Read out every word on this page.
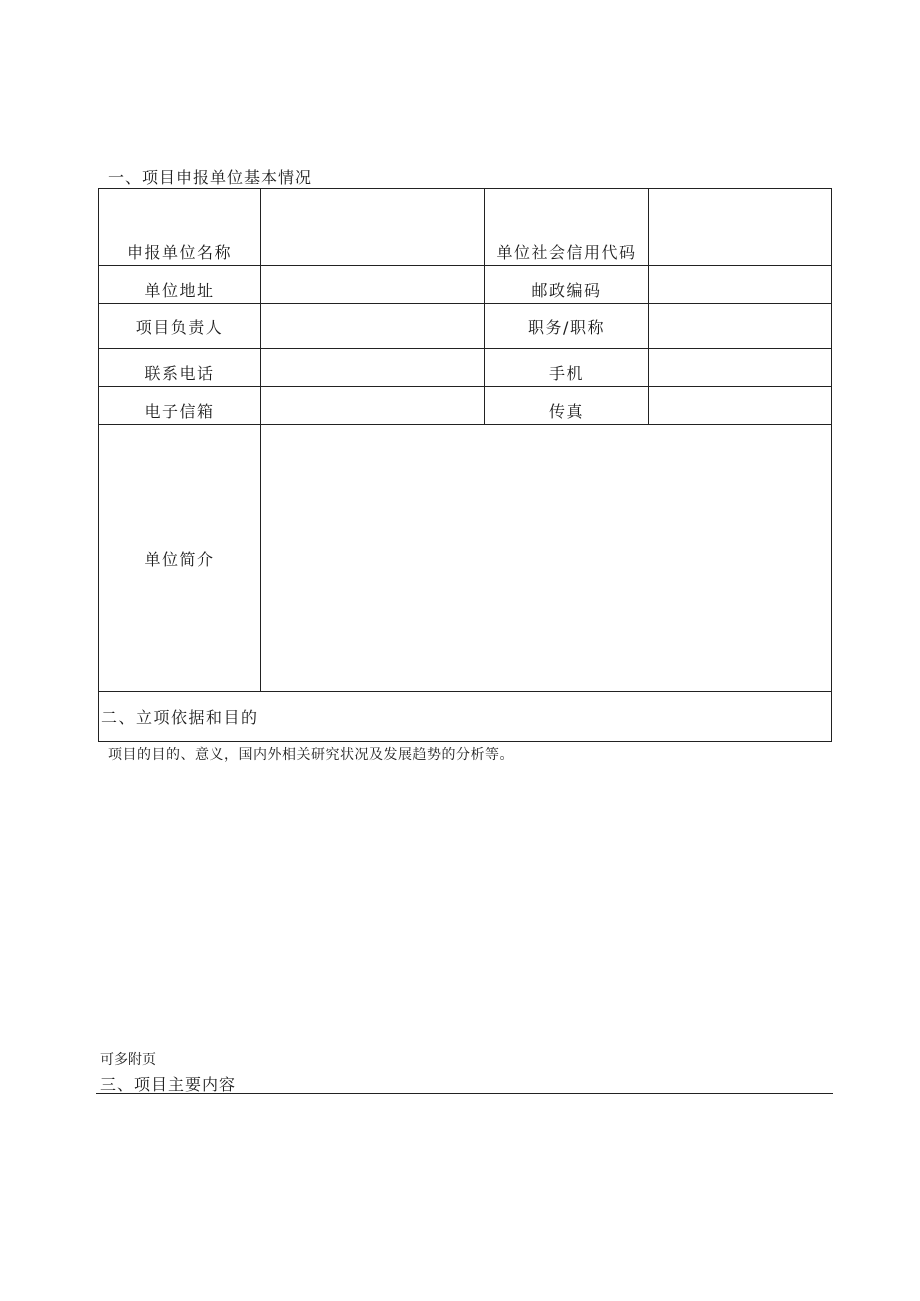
一、项目申报单位基本情况
申报单位名称		单位社会信用代码	
单位地址		邮政编码	
项目负责人		职务/职称	
联系电话		手机	
电子信箱		传真	
单位简介			
二、立项依据和目的			
项目的目的、意义，国内外相关研究状况及发展趋势的分析等。
可多附页
三、项目主要内容
